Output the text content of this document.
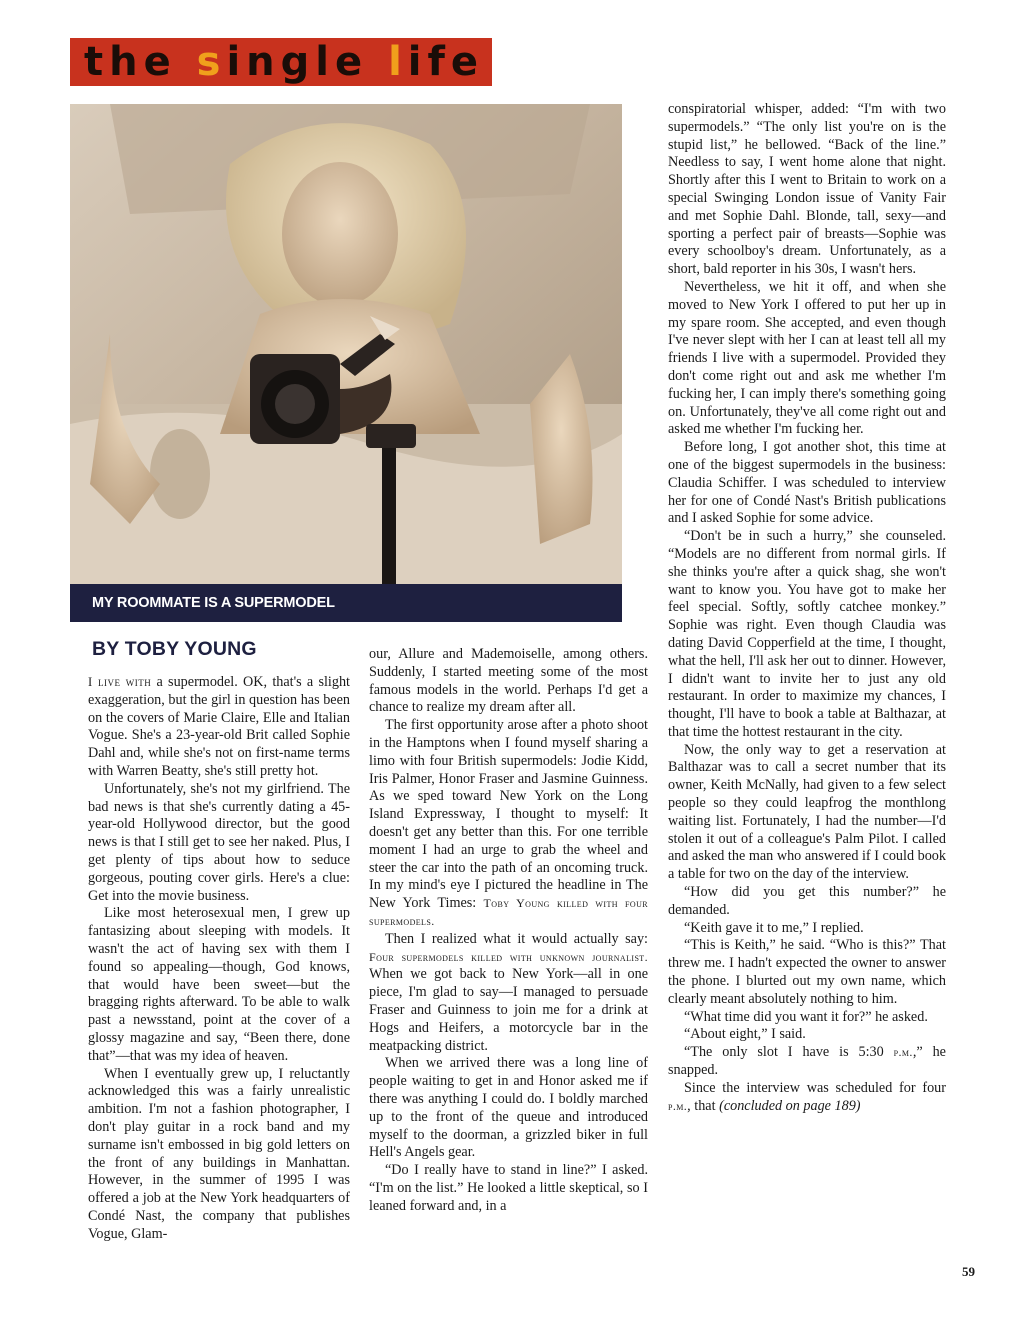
the single life
MY ROOMMATE IS A SUPERMODEL
BY TOBY YOUNG

I live with a supermodel. OK, that's a slight exaggeration, but the girl in question has been on the covers of Marie Claire, Elle and Italian Vogue. She's a 23-year-old Brit called Sophie Dahl and, while she's not on first-name terms with Warren Beatty, she's still pretty hot.

Unfortunately, she's not my girlfriend. The bad news is that she's currently dating a 45-year-old Hollywood director, but the good news is that I still get to see her naked. Plus, I get plenty of tips about how to seduce gorgeous, pouting cover girls. Here's a clue: Get into the movie business.

Like most heterosexual men, I grew up fantasizing about sleeping with models. It wasn't the act of having sex with them I found so appealing—though, God knows, that would have been sweet—but the bragging rights afterward. To be able to walk past a newsstand, point at the cover of a glossy magazine and say, “Been there, done that”—that was my idea of heaven.

When I eventually grew up, I reluctantly acknowledged this was a fairly unrealistic ambition. I'm not a fashion photographer, I don't play guitar in a rock band and my surname isn't embossed in big gold letters on the front of any buildings in Manhattan. However, in the summer of 1995 I was offered a job at the New York headquarters of Condé Nast, the company that publishes Vogue, Glam-

our, Allure and Mademoiselle, among others. Suddenly, I started meeting some of the most famous models in the world. Perhaps I'd get a chance to realize my dream after all.

The first opportunity arose after a photo shoot in the Hamptons when I found myself sharing a limo with four British supermodels: Jodie Kidd, Iris Palmer, Honor Fraser and Jasmine Guinness. As we sped toward New York on the Long Island Expressway, I thought to myself: It doesn't get any better than this. For one terrible moment I had an urge to grab the wheel and steer the car into the path of an oncoming truck. In my mind's eye I pictured the headline in The New York Times: Toby Young killed with four supermodels.

Then I realized what it would actually say: Four supermodels killed with unknown journalist. When we got back to New York—all in one piece, I'm glad to say—I managed to persuade Fraser and Guinness to join me for a drink at Hogs and Heifers, a motorcycle bar in the meatpacking district.

When we arrived there was a long line of people waiting to get in and Honor asked me if there was anything I could do. I boldly marched up to the front of the queue and introduced myself to the doorman, a grizzled biker in full Hell's Angels gear.

“Do I really have to stand in line?” I asked. “I'm on the list.” He looked a little skeptical, so I leaned forward and, in a

conspiratorial whisper, added: “I'm with two supermodels.” “The only list you're on is the stupid list,” he bellowed. “Back of the line.” Needless to say, I went home alone that night. Shortly after this I went to Britain to work on a special Swinging London issue of Vanity Fair and met Sophie Dahl. Blonde, tall, sexy—and sporting a perfect pair of breasts—Sophie was every schoolboy's dream. Unfortunately, as a short, bald reporter in his 30s, I wasn't hers.

Nevertheless, we hit it off, and when she moved to New York I offered to put her up in my spare room. She accepted, and even though I've never slept with her I can at least tell all my friends I live with a supermodel. Provided they don't come right out and ask me whether I'm fucking her, I can imply there's something going on. Unfortunately, they've all come right out and asked me whether I'm fucking her.

Before long, I got another shot, this time at one of the biggest supermodels in the business: Claudia Schiffer. I was scheduled to interview her for one of Condé Nast's British publications and I asked Sophie for some advice.

“Don't be in such a hurry,” she counseled. “Models are no different from normal girls. If she thinks you're after a quick shag, she won't want to know you. You have got to make her feel special. Softly, softly catchee monkey.” Sophie was right. Even though Claudia was dating David Copperfield at the time, I thought, what the hell, I'll ask her out to dinner. However, I didn't want to invite her to just any old restaurant. In order to maximize my chances, I thought, I'll have to book a table at Balthazar, at that time the hottest restaurant in the city.

Now, the only way to get a reservation at Balthazar was to call a secret number that its owner, Keith McNally, had given to a few select people so they could leapfrog the monthlong waiting list. Fortunately, I had the number—I'd stolen it out of a colleague's Palm Pilot. I called and asked the man who answered if I could book a table for two on the day of the interview.

“How did you get this number?” he demanded.

“Keith gave it to me,” I replied.

“This is Keith,” he said. “Who is this?” That threw me. I hadn't expected the owner to answer the phone. I blurted out my own name, which clearly meant absolutely nothing to him.

“What time did you want it for?” he asked.

“About eight,” I said.

“The only slot I have is 5:30 p.m.,” he snapped.

Since the interview was scheduled for four p.m., that (concluded on page 189)

59
